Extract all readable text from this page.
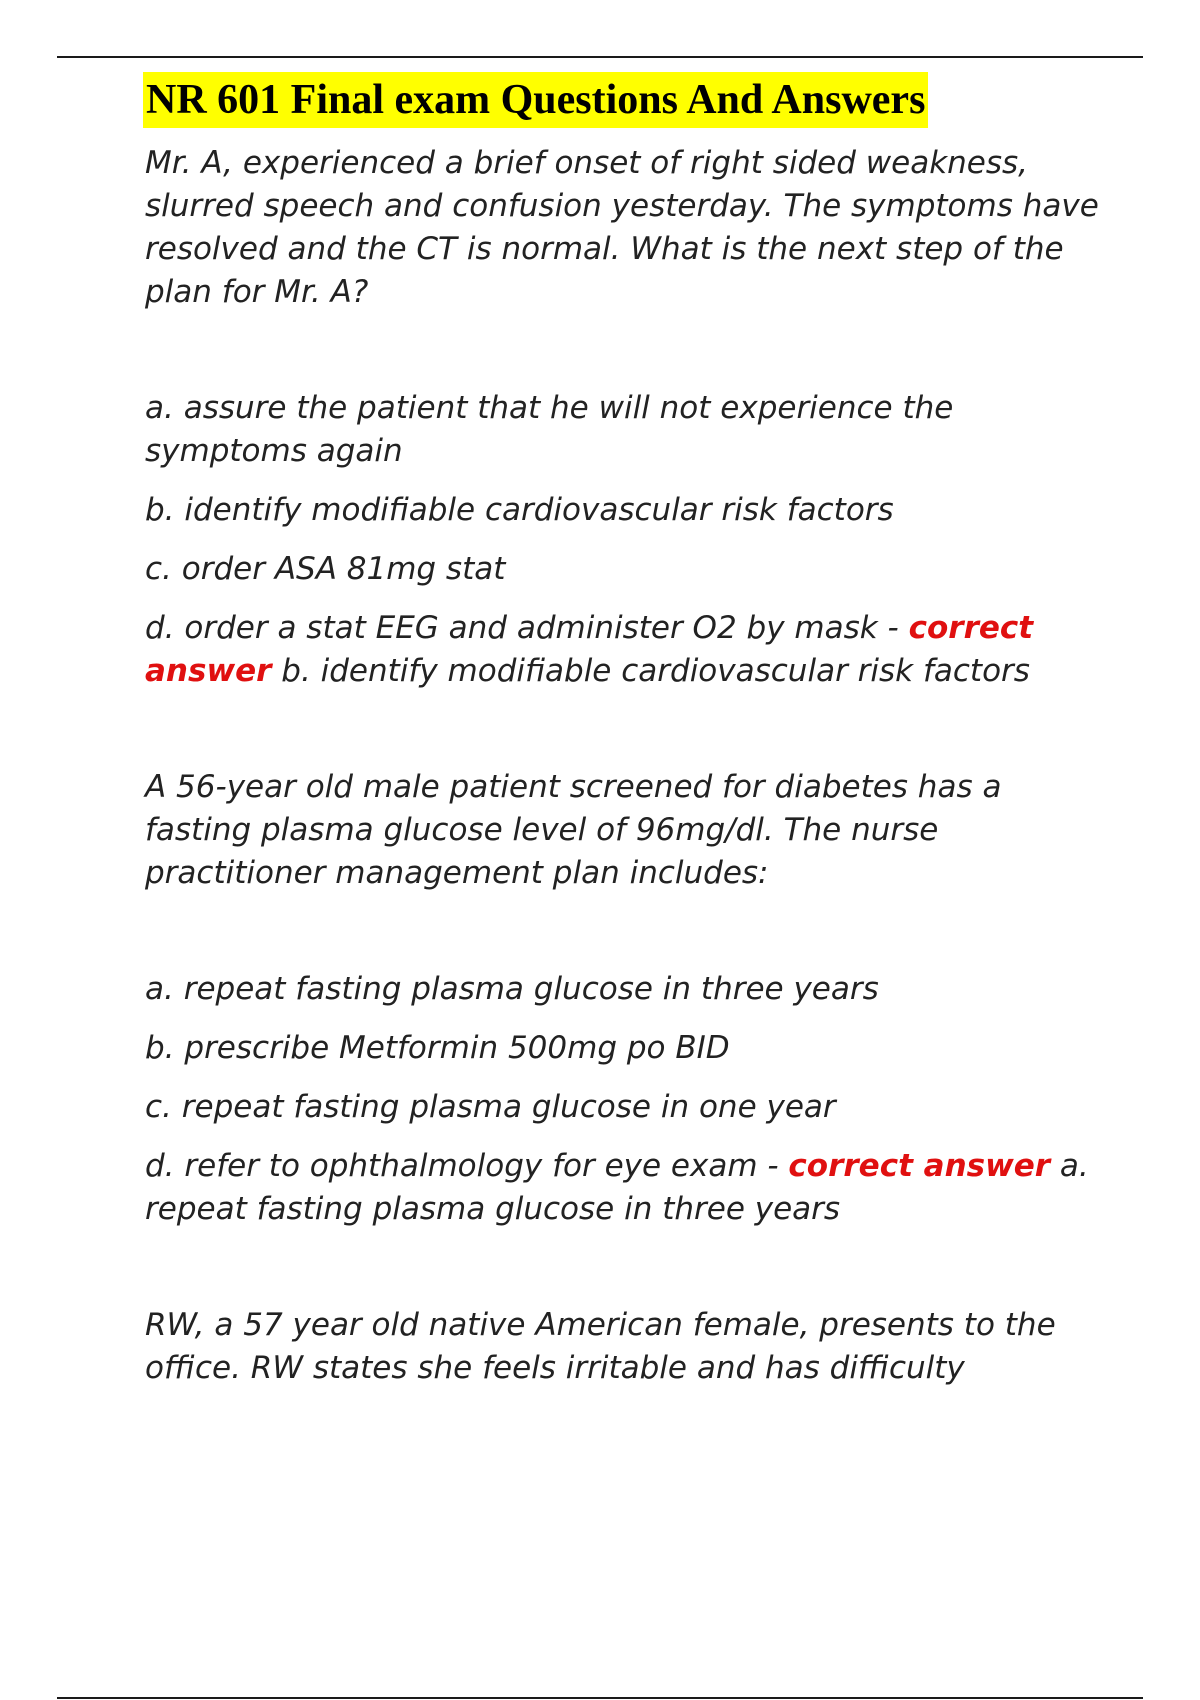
NR 601 Final exam Questions And Answers

Mr. A, experienced a brief onset of right sided weakness, slurred speech and confusion yesterday. The symptoms have resolved and the CT is normal. What is the next step of the plan for Mr. A?

a. assure the patient that he will not experience the symptoms again

b. identify modifiable cardiovascular risk factors

c. order ASA 81mg stat

d. order a stat EEG and administer O2 by mask - correct answer b. identify modifiable cardiovascular risk factors

A 56-year old male patient screened for diabetes has a fasting plasma glucose level of 96mg/dl. The nurse practitioner management plan includes:

a. repeat fasting plasma glucose in three years

b. prescribe Metformin 500mg po BID

c. repeat fasting plasma glucose in one year

d. refer to ophthalmology for eye exam - correct answer a. repeat fasting plasma glucose in three years

RW, a 57 year old native American female, presents to the office. RW states she feels irritable and has difficulty
